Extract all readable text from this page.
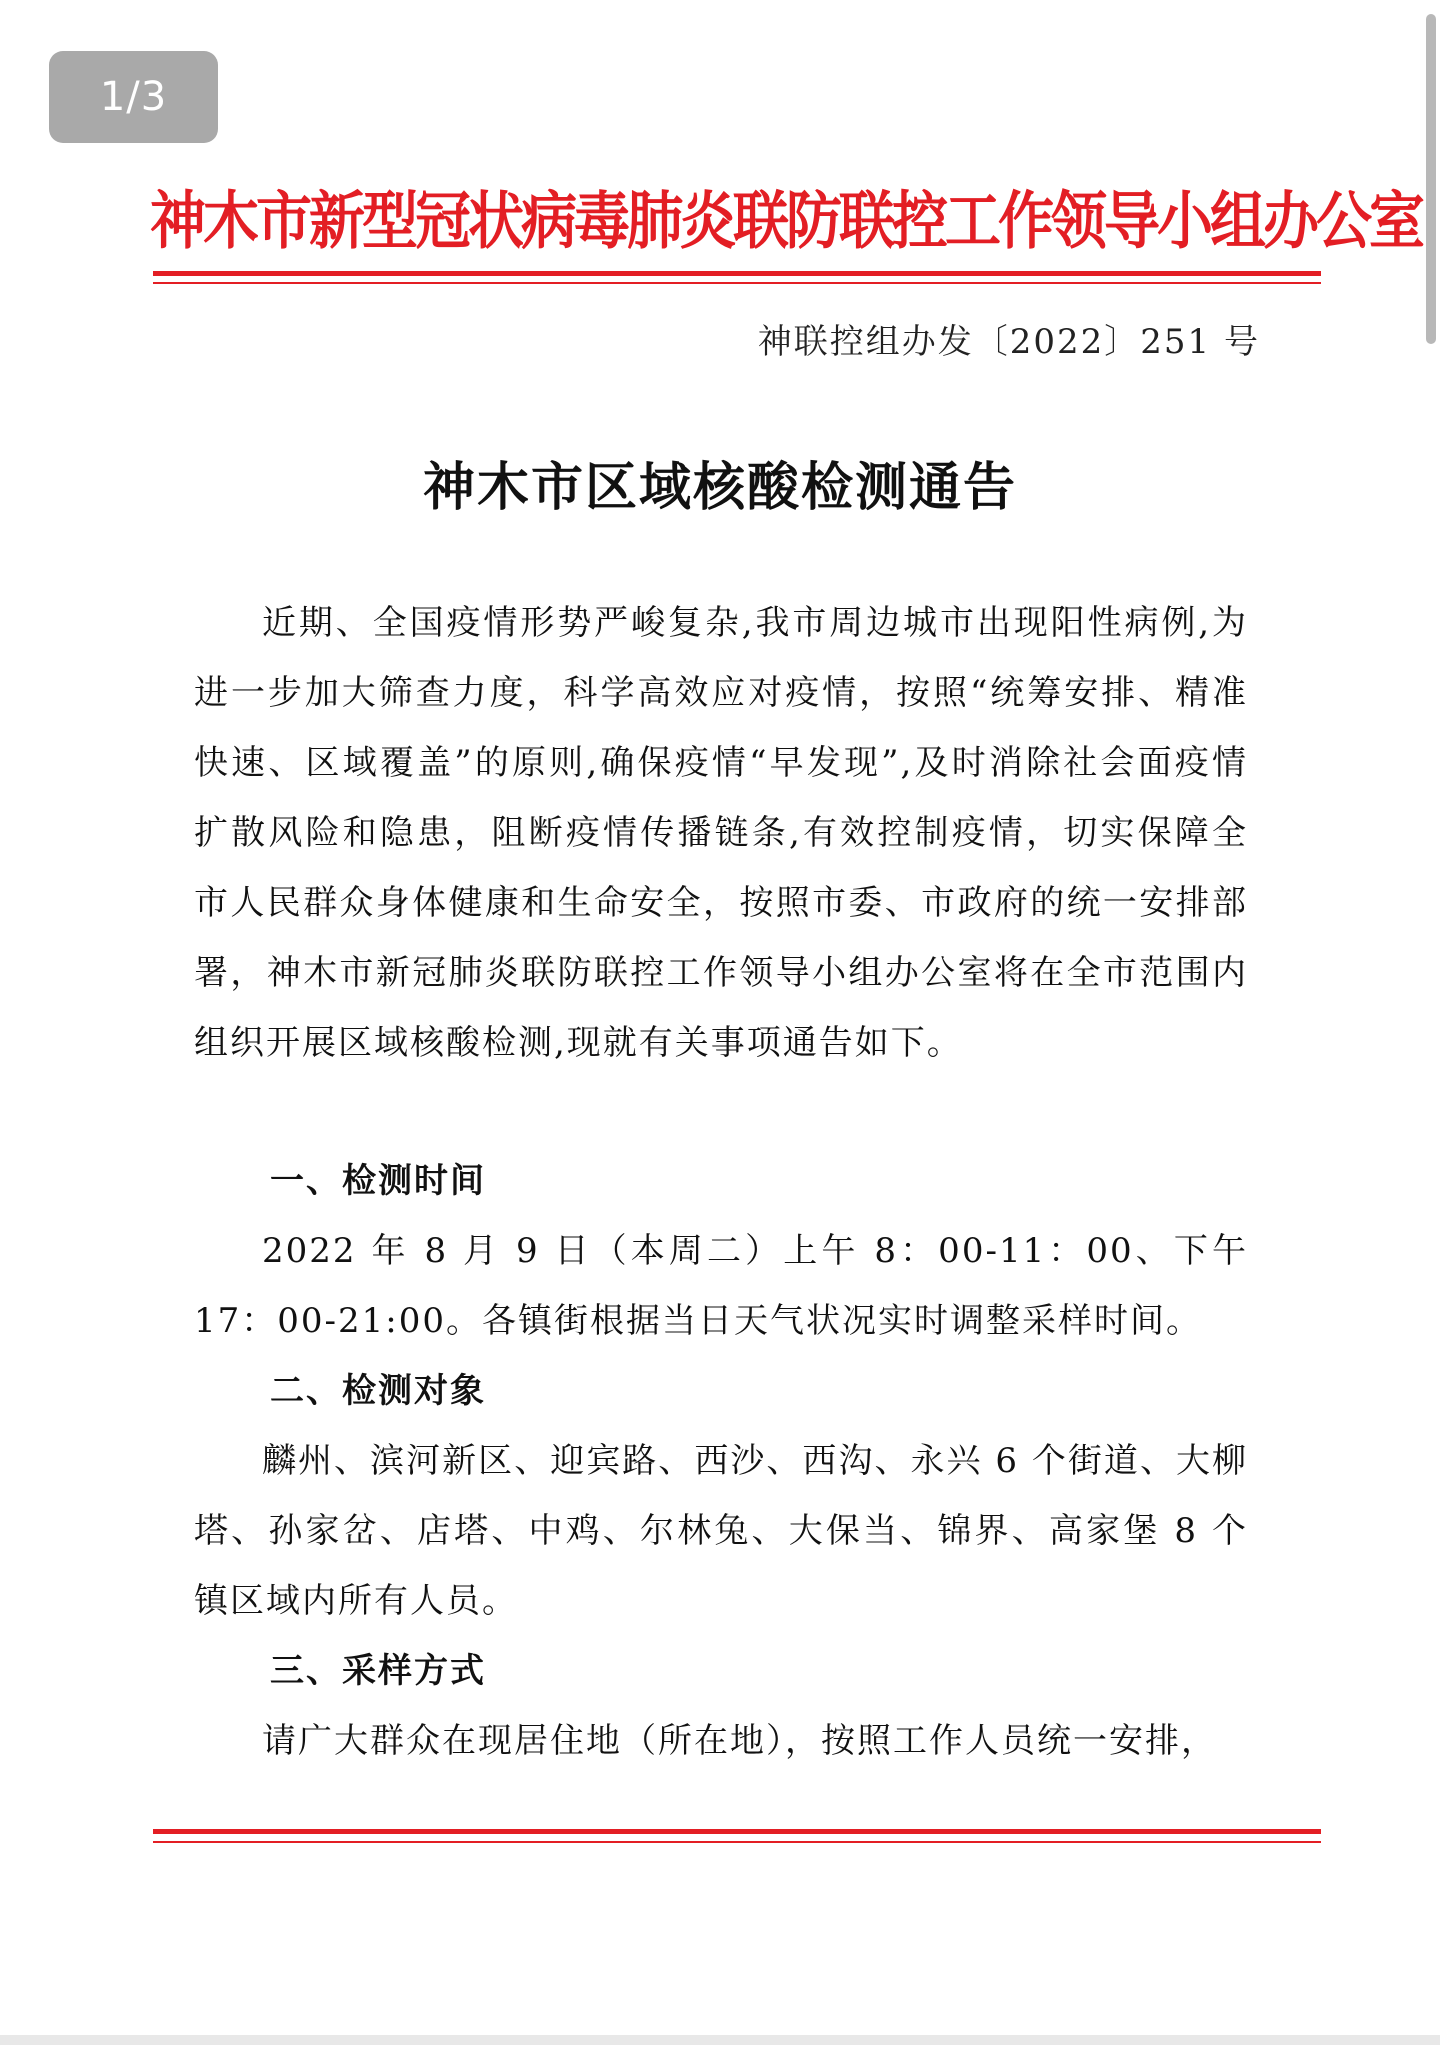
1/3
神木市新型冠状病毒肺炎联防联控工作领导小组办公室
神联控组办发〔2022〕251 号
神木市区域核酸检测通告

近期、全国疫情形势严峻复杂,我市周边城市出现阳性病例,为进一步加大筛查力度，科学高效应对疫情，按照“统筹安排、精准快速、区域覆盖”的原则,确保疫情“早发现”,及时消除社会面疫情扩散风险和隐患，阻断疫情传播链条,有效控制疫情，切实保障全市人民群众身体健康和生命安全，按照市委、市政府的统一安排部署，神木市新冠肺炎联防联控工作领导小组办公室将在全市范围内组织开展区域核酸检测,现就有关事项通告如下。

一、检测时间

2022 年 8 月 9 日（本周二）上午 8：00-11：00、下午 17：00-21:00。各镇街根据当日天气状况实时调整采样时间。

二、检测对象

麟州、滨河新区、迎宾路、西沙、西沟、永兴 6 个街道、大柳塔、孙家岔、店塔、中鸡、尔林兔、大保当、锦界、高家堡 8 个镇区域内所有人员。

三、采样方式

请广大群众在现居住地（所在地），按照工作人员统一安排，
